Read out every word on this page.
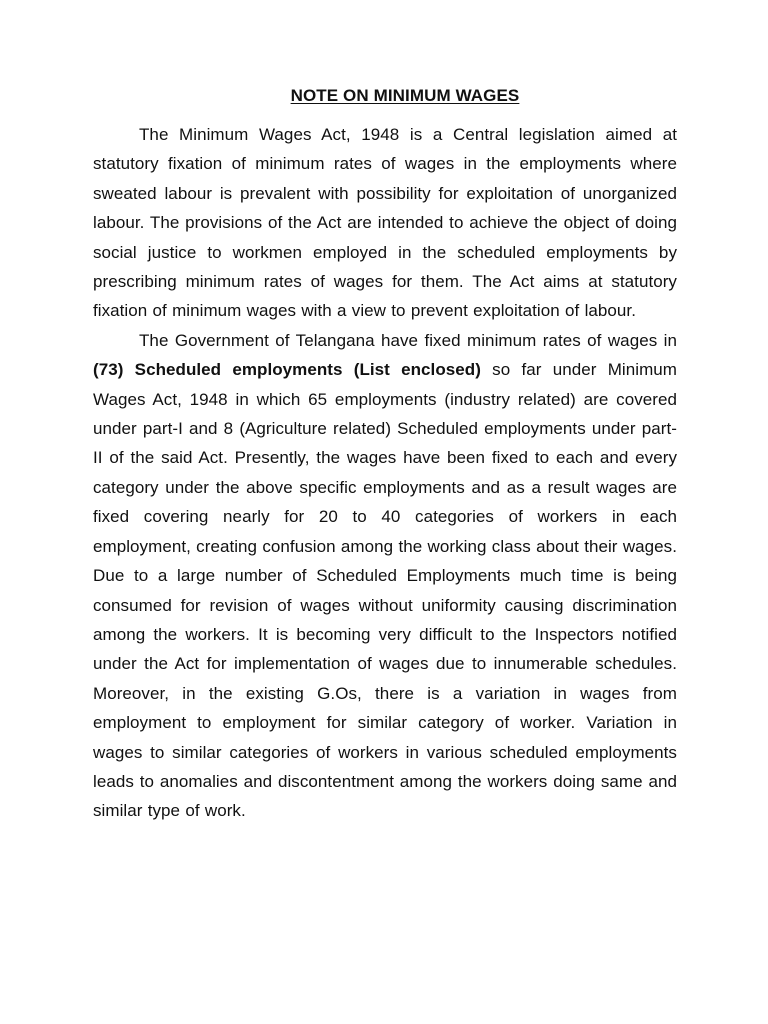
NOTE ON MINIMUM WAGES

The Minimum Wages Act, 1948 is a Central legislation aimed at statutory fixation of minimum rates of wages in the employments where sweated labour is prevalent with possibility for exploitation of unorganized labour. The provisions of the Act are intended to achieve the object of doing social justice to workmen employed in the scheduled employments by prescribing minimum rates of wages for them. The Act aims at statutory fixation of minimum wages with a view to prevent exploitation of labour.

The Government of Telangana have fixed minimum rates of wages in (73) Scheduled employments (List enclosed) so far under Minimum Wages Act, 1948 in which 65 employments (industry related) are covered under part-I and 8 (Agriculture related) Scheduled employments under part-II of the said Act. Presently, the wages have been fixed to each and every category under the above specific employments and as a result wages are fixed covering nearly for 20 to 40 categories of workers in each employment, creating confusion among the working class about their wages. Due to a large number of Scheduled Employments much time is being consumed for revision of wages without uniformity causing discrimination among the workers. It is becoming very difficult to the Inspectors notified under the Act for implementation of wages due to innumerable schedules. Moreover, in the existing G.Os, there is a variation in wages from employment to employment for similar category of worker. Variation in wages to similar categories of workers in various scheduled employments leads to anomalies and discontentment among the workers doing same and similar type of work.
